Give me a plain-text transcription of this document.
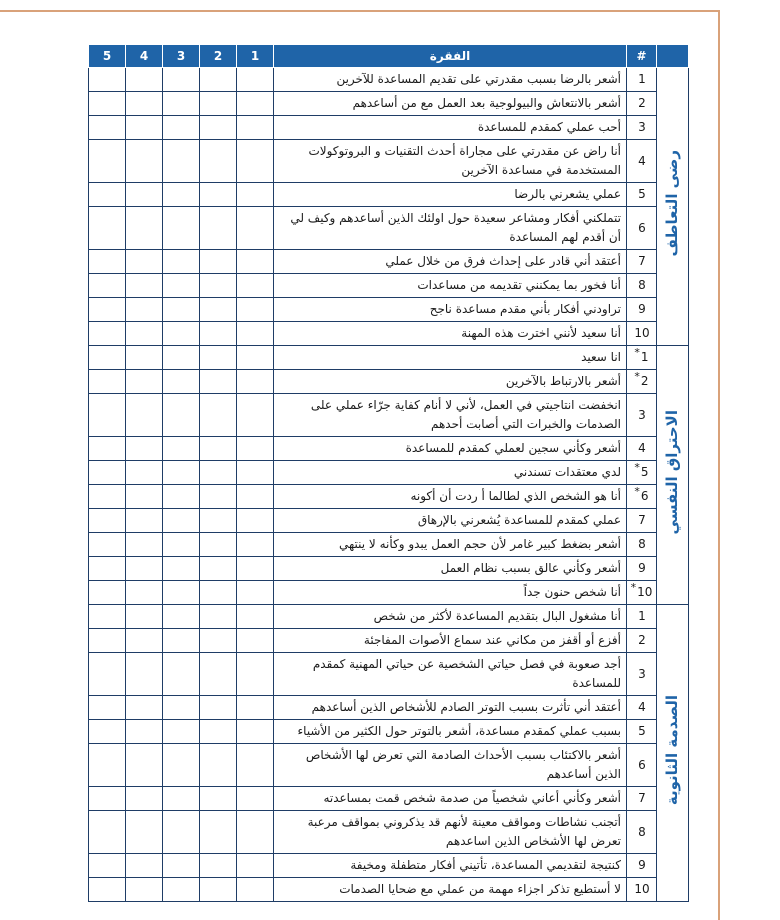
	#	الفقرة	1	2	3	4	5
رضى التعاطف	1	أشعر بالرضا بسبب مقدرتي على تقديم المساعدة للآخرين					
	2	أشعر بالانتعاش والبيولوجية بعد العمل مع من أساعدهم					
	3	أحب عملي كمقدم للمساعدة					
	4	أنا راض عن مقدرتي على مجاراة أحدث التقنيات و البروتوكولات المستخدمة في مساعدة الآخرين					
	5	عملي يشعرني بالرضا					
	6	تتملكني أفكار ومشاعر سعيدة حول اولئك الذين أساعدهم وكيف لي أن أقدم لهم المساعدة					
	7	أعتقد أني قادر على إحداث فرق من خلال عملي					
	8	أنا فخور بما يمكنني تقديمه من مساعدات					
	9	تراودني أفكار بأني مقدم مساعدة ناجح					
	10	أنا سعيد لأنني اخترت هذه المهنة					
الاحتراق النفسي	1*	انا سعيد					
	2*	أشعر بالارتباط بالآخرين					
	3	انخفضت انتاجيتي في العمل، لأني لا أنام كفاية جرّاء عملي على الصدمات والخبرات التي أصابت أحدهم					
	4	أشعر وكأني سجين لعملي كمقدم للمساعدة					
	5*	لدي معتقدات تسندني					
	6*	أنا هو الشخص الذي لطالما أ ردت أن أكونه					
	7	عملي كمقدم للمساعدة يُشعرني بالإرهاق					
	8	أشعر بضغط كبير غامر لأن حجم العمل يبدو وكأنه لا ينتهي					
	9	أشعر وكأني عالق بسبب نظام العمل					
	10*	أنا شخص حنون جداً					
الصدمة الثانوية	1	أنا مشغول البال بتقديم المساعدة لأكثر من شخص					
	2	أفزع أو أقفز من مكاني عند سماع الأصوات المفاجئة					
	3	أجد صعوبة في فصل حياتي الشخصية عن حياتي المهنية كمقدم للمساعدة					
	4	أعتقد أني تأثرت بسبب التوتر الصادم للأشخاص الذين أساعدهم					
	5	بسبب عملي كمقدم مساعدة، أشعر بالتوتر حول الكثير من الأشياء					
	6	أشعر بالاكتئاب بسبب الأحداث الصادمة التي تعرض لها الأشخاص الذين أساعدهم					
	7	أشعر وكأني أعاني شخصياً من صدمة شخص قمت بمساعدته					
	8	أتجنب نشاطات ومواقف معينة لأنهم قد يذكروني بمواقف مرعبة تعرض لها الأشخاص الذين اساعدهم					
	9	كنتيجة لتقديمي المساعدة، تأتيني أفكار متطفلة ومخيفة					
	10	لا أستطيع تذكر اجزاء مهمة من عملي مع ضحايا الصدمات					
